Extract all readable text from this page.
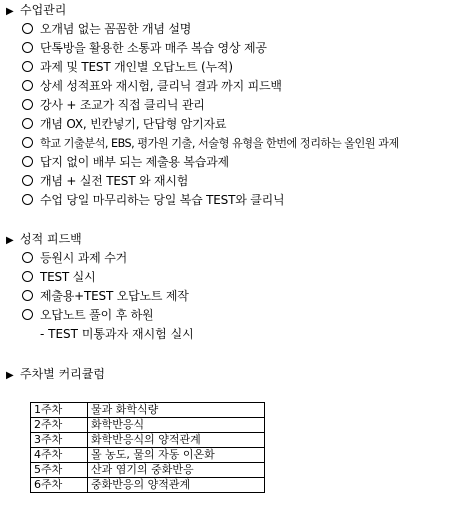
▶ 수업관리
오개념 없는 꼼꼼한 개념 설명
단톡방을 활용한 소통과 매주 복습 영상 제공
과제 및 TEST 개인별 오답노트 (누적)
상세 성적표와 재시험, 클리닉 결과 까지 피드백
강사 + 조교가 직접 클리닉 관리
개념 OX, 빈칸넣기, 단답형 암기자료
학교 기출분석, EBS, 평가원 기출, 서술형 유형을 한번에 정리하는 올인원 과제
답지 없이 배부 되는 제출용 복습과제
개념 + 실전 TEST 와 재시험
수업 당일 마무리하는 당일 복습 TEST와 클리닉
▶ 성적 피드백
등원시 과제 수거
TEST 실시
제출용+TEST 오답노트 제작
오답노트 풀이 후 하원
- TEST 미통과자 재시험 실시
▶ 주차별 커리큘럼
1주차	물과 화학식량
2주차	화학반응식
3주차	화학반응식의 양적관계
4주차	몰 농도, 물의 자동 이온화
5주차	산과 염기의 중화반응
6주차	중화반응의 양적관계
